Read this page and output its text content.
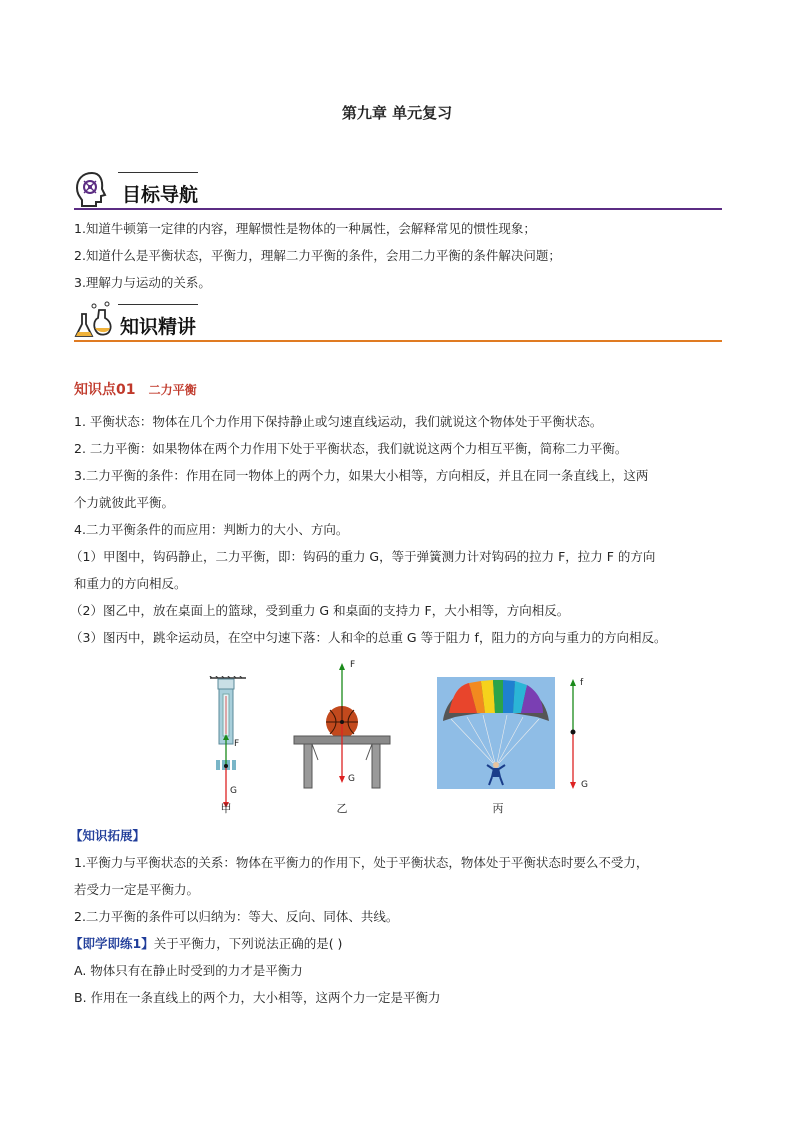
第九章 单元复习
目标导航
1.知道牛顿第一定律的内容，理解惯性是物体的一种属性，会解释常见的惯性现象；
2.知道什么是平衡状态，平衡力，理解二力平衡的条件，会用二力平衡的条件解决问题；
3.理解力与运动的关系。
知识精讲
知识点01 二力平衡
1. 平衡状态：物体在几个力作用下保持静止或匀速直线运动，我们就说这个物体处于平衡状态。
2. 二力平衡：如果物体在两个力作用下处于平衡状态，我们就说这两个力相互平衡，简称二力平衡。
3.二力平衡的条件：作用在同一物体上的两个力，如果大小相等，方向相反，并且在同一条直线上，这两
个力就彼此平衡。
4.二力平衡条件的而应用：判断力的大小、方向。
（1）甲图中，钩码静止，二力平衡，即：钩码的重力 G，等于弹簧测力计对钩码的拉力 F，拉力 F 的方向
和重力的方向相反。
（2）图乙中，放在桌面上的篮球，受到重力 G 和桌面的支持力 F，大小相等，方向相反。
（3）图丙中，跳伞运动员，在空中匀速下落：人和伞的总重 G 等于阻力 f，阻力的方向与重力的方向相反。
F
G
甲
F
G
乙
f
G
丙
【知识拓展】
1.平衡力与平衡状态的关系：物体在平衡力的作用下，处于平衡状态，物体处于平衡状态时要么不受力，
若受力一定是平衡力。
2.二力平衡的条件可以归纳为：等大、反向、同体、共线。
【即学即练1】关于平衡力，下列说法正确的是( )
A. 物体只有在静止时受到的力才是平衡力
B. 作用在一条直线上的两个力，大小相等，这两个力一定是平衡力
